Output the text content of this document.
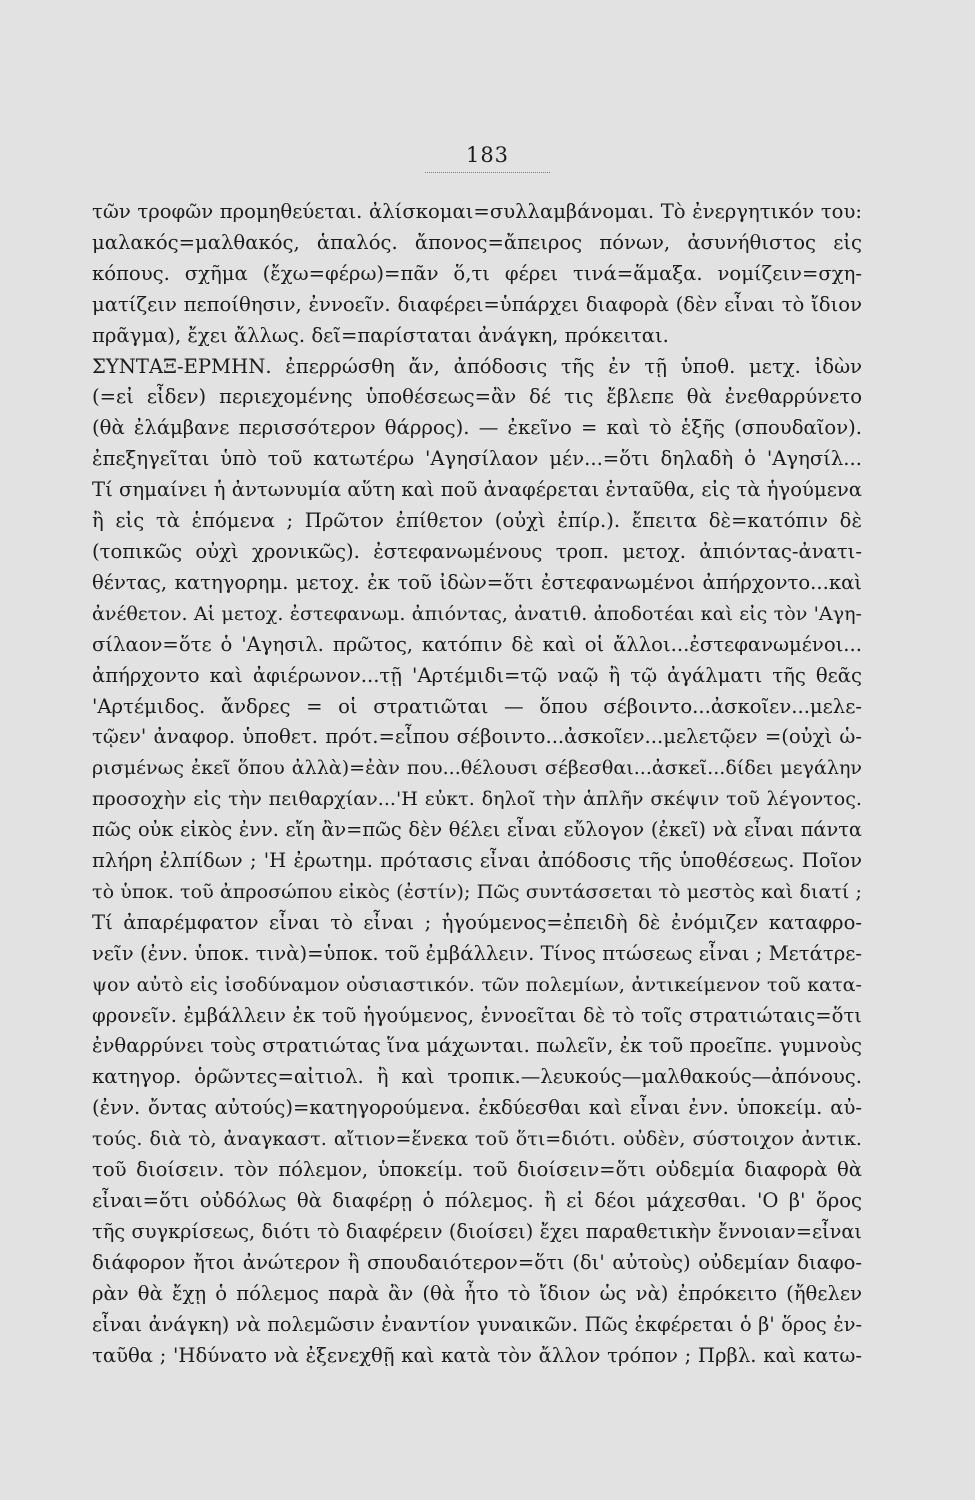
183
τῶν τροφῶν προμηθεύεται. ἀλίσκομαι=συλλαμβάνομαι. Τὸ ἐνεργητικόν του:
μαλακός=μαλθακός, ἁπαλός. ἄπονος=ἄπειρος πόνων, ἀσυνήθιστος εἰς
κόπους. σχῆμα (ἔχω=φέρω)=πᾶν ὅ,τι φέρει τινά=ἅμαξα. νομίζειν=σχη-
ματίζειν πεποίθησιν, ἐννοεῖν. διαφέρει=ὑπάρχει διαφορὰ (δὲν εἶναι τὸ ἴδιον
πρᾶγμα), ἔχει ἄλλως. δεῖ=παρίσταται ἀνάγκη, πρόκειται.
ΣΥΝΤΑΞ-ΕΡΜΗΝ. ἐπερρώσθη ἄν, ἀπόδοσις τῆς ἐν τῇ ὑποθ. μετχ. ἰδὼν
(=εἰ εἶδεν) περιεχομένης ὑποθέσεως=ἂν δέ τις ἔβλεπε θὰ ἐνεθαρρύνετο
(θὰ ἐλάμβανε περισσότερον θάρρος). — ἐκεῖνο = καὶ τὸ ἑξῆς (σπουδαῖον).
ἐπεξηγεῖται ὑπὸ τοῦ κατωτέρω 'Αγησίλαον μέν...=ὅτι δηλαδὴ ὁ 'Αγησίλ...
Τί σημαίνει ἡ ἀντωνυμία αὕτη καὶ ποῦ ἀναφέρεται ἐνταῦθα, εἰς τὰ ἡγούμενα
ἢ εἰς τὰ ἑπόμενα ; Πρῶτον ἐπίθετον (οὐχὶ ἐπίρ.). ἔπειτα δὲ=κατόπιν δὲ
(τοπικῶς οὐχὶ χρονικῶς). ἐστεφανωμένους τροπ. μετοχ. ἀπιόντας-ἀνατι-
θέντας, κατηγορημ. μετοχ. ἐκ τοῦ ἰδὼν=ὅτι ἐστεφανωμένοι ἀπήρχοντο...καὶ
ἀνέθετον. Αἱ μετοχ. ἐστεφανωμ. ἀπιόντας, ἀνατιθ. ἀποδοτέαι καὶ εἰς τὸν 'Αγη-
σίλαον=ὅτε ὁ 'Αγησιλ. πρῶτος, κατόπιν δὲ καὶ οἱ ἄλλοι...ἐστεφανωμένοι...
ἀπήρχοντο καὶ ἀφιέρωνον...τῇ 'Αρτέμιδι=τῷ ναῷ ἢ τῷ ἀγάλματι τῆς θεᾶς
'Αρτέμιδος. ἄνδρες = οἱ στρατιῶται — ὅπου σέβοιντο...ἀσκοῖεν...μελε-
τῷεν' ἀναφορ. ὑποθετ. πρότ.=εἶπου σέβοιντο...ἀσκοῖεν...μελετῷεν =(οὐχὶ ὡ-
ρισμένως ἐκεῖ ὅπου ἀλλὰ)=ἐὰν που...θέλουσι σέβεσθαι...ἀσκεῖ...δίδει μεγάλην
προσοχὴν εἰς τὴν πειθαρχίαν...'Η εὐκτ. δηλοῖ τὴν ἁπλῆν σκέψιν τοῦ λέγοντος.
πῶς οὐκ εἰκὸς ἐνν. εἴη ἂν=πῶς δὲν θέλει εἶναι εὔλογον (ἐκεῖ) νὰ εἶναι πάντα
πλήρη ἐλπίδων ; 'Η ἐρωτημ. πρότασις εἶναι ἀπόδοσις τῆς ὑποθέσεως. Ποῖον
τὸ ὑποκ. τοῦ ἀπροσώπου εἰκὸς (ἐστίν); Πῶς συντάσσεται τὸ μεστὸς καὶ διατί ;
Τί ἀπαρέμφατον εἶναι τὸ εἶναι ; ἡγούμενος=ἐπειδὴ δὲ ἐνόμιζεν καταφρο-
νεῖν (ἐνν. ὑποκ. τινὰ)=ὑποκ. τοῦ ἐμβάλλειν. Τίνος πτώσεως εἶναι ; Μετάτρε-
ψον αὐτὸ εἰς ἰσοδύναμον οὐσιαστικόν. τῶν πολεμίων, ἀντικείμενον τοῦ κατα-
φρονεῖν. ἐμβάλλειν ἐκ τοῦ ἡγούμενος, ἐννοεῖται δὲ τὸ τοῖς στρατιώταις=ὅτι
ἐνθαρρύνει τοὺς στρατιώτας ἵνα μάχωνται. πωλεῖν, ἐκ τοῦ προεῖπε. γυμνοὺς
κατηγορ. ὁρῶντες=αἰτιολ. ἢ καὶ τροπικ.—λευκούς—μαλθακούς—ἀπόνους.
(ἐνν. ὄντας αὐτούς)=κατηγορούμενα. ἐκδύεσθαι καὶ εἶναι ἐνν. ὑποκείμ. αὐ-
τούς. διὰ τὸ, ἀναγκαστ. αἴτιον=ἕνεκα τοῦ ὅτι=διότι. οὐδὲν, σύστοιχον ἀντικ.
τοῦ διοίσειν. τὸν πόλεμον, ὑποκείμ. τοῦ διοίσειν=ὅτι οὐδεμία διαφορὰ θὰ
εἶναι=ὅτι οὐδόλως θὰ διαφέρῃ ὁ πόλεμος. ἢ εἰ δέοι μάχεσθαι. 'Ο β' ὅρος
τῆς συγκρίσεως, διότι τὸ διαφέρειν (διοίσει) ἔχει παραθετικὴν ἔννοιαν=εἶναι
διάφορον ἤτοι ἀνώτερον ἢ σπουδαιότερον=ὅτι (δι' αὐτοὺς) οὐδεμίαν διαφο-
ρὰν θὰ ἔχῃ ὁ πόλεμος παρὰ ἂν (θὰ ἦτο τὸ ἴδιον ὡς νὰ) ἐπρόκειτο (ἤθελεν
εἶναι ἀνάγκη) νὰ πολεμῶσιν ἐναντίον γυναικῶν. Πῶς ἐκφέρεται ὁ β' ὅρος ἐν-
ταῦθα ; 'Ηδύνατο νὰ ἐξενεχθῇ καὶ κατὰ τὸν ἄλλον τρόπον ; Πρβλ. καὶ κατω-
